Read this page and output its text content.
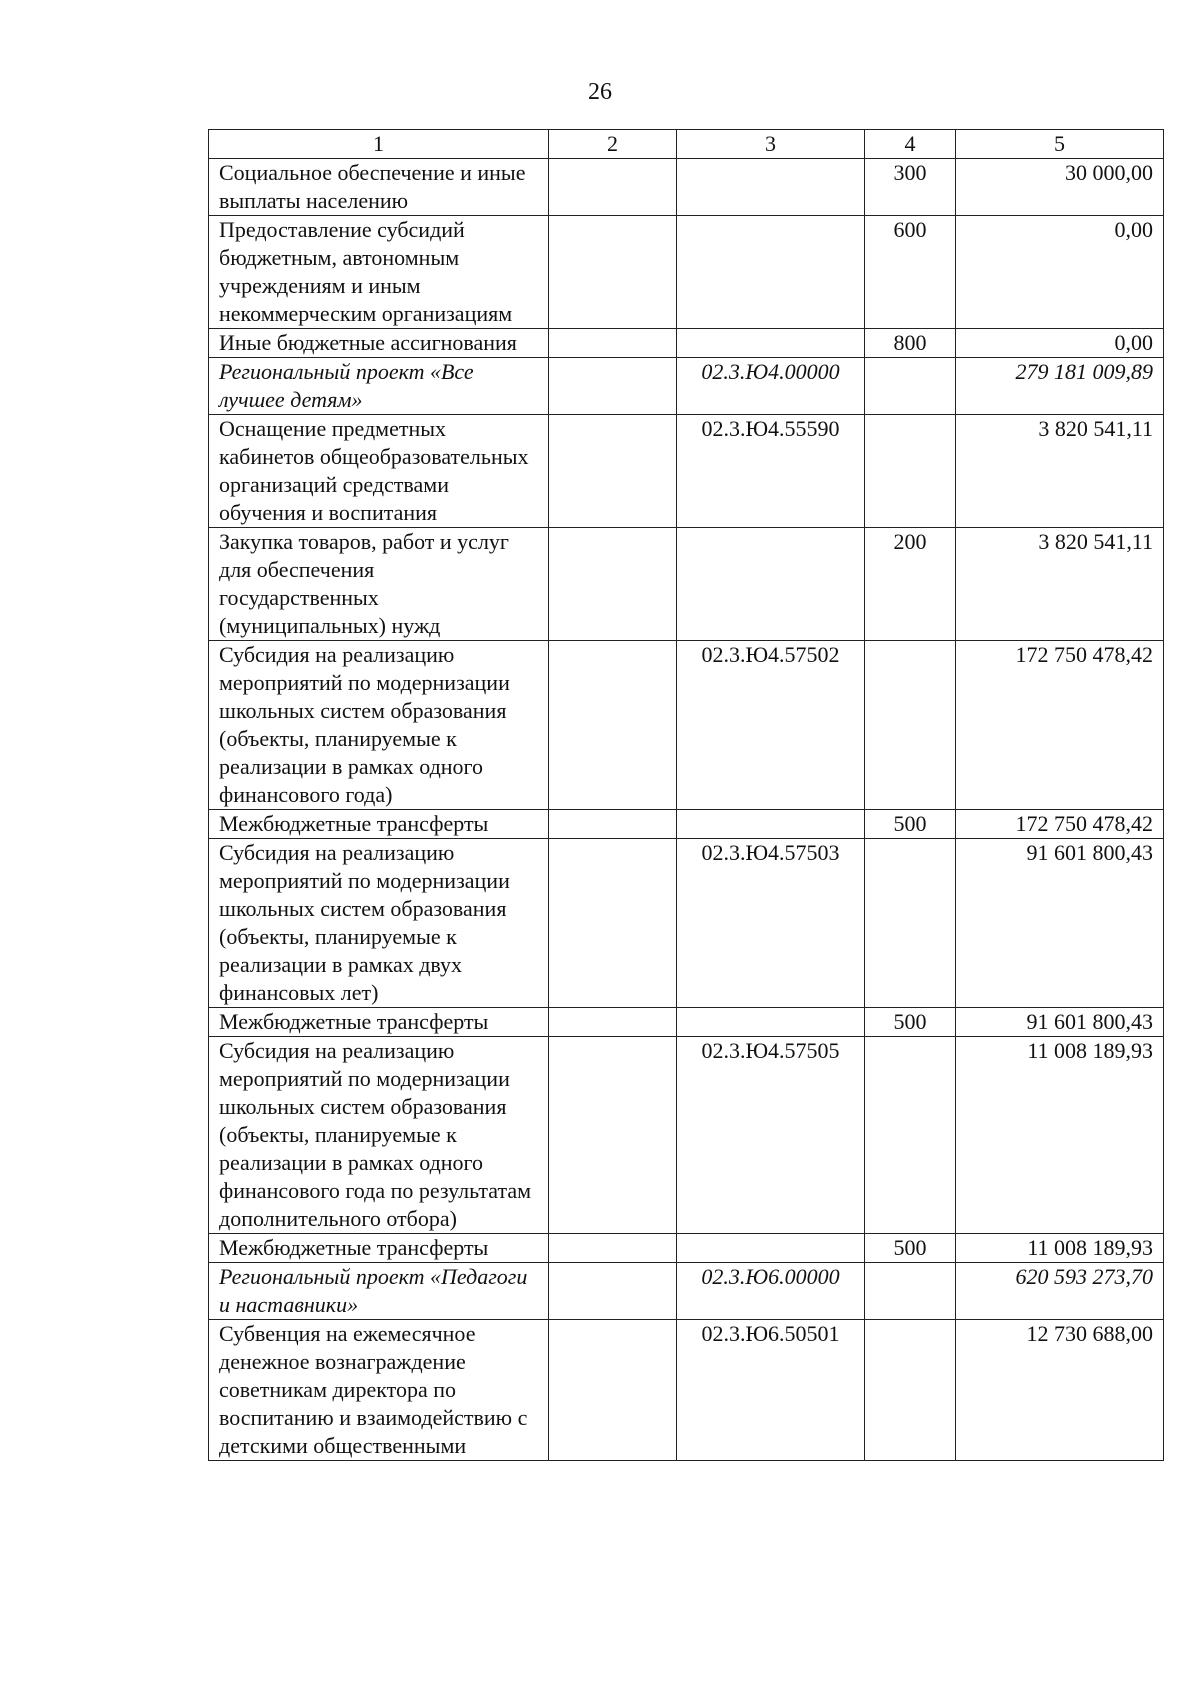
26
1	2	3	4	5
Социальное обеспечение и иные выплаты населению			300	30 000,00
Предоставление субсидий бюджетным, автономным учреждениям и иным некоммерческим организациям			600	0,00
Иные бюджетные ассигнования			800	0,00
Региональный проект «Все лучшее детям»		02.3.Ю4.00000		279 181 009,89
Оснащение предметных кабинетов общеобразовательных организаций средствами обучения и воспитания		02.3.Ю4.55590		3 820 541,11
Закупка товаров, работ и услуг для обеспечения государственных (муниципальных) нужд			200	3 820 541,11
Субсидия на реализацию мероприятий по модернизации школьных систем образования (объекты, планируемые к реализации в рамках одного финансового года)		02.3.Ю4.57502		172 750 478,42
Межбюджетные трансферты			500	172 750 478,42
Субсидия на реализацию мероприятий по модернизации школьных систем образования (объекты, планируемые к реализации в рамках двух финансовых лет)		02.3.Ю4.57503		91 601 800,43
Межбюджетные трансферты			500	91 601 800,43
Субсидия на реализацию мероприятий по модернизации школьных систем образования (объекты, планируемые к реализации в рамках одного финансового года по результатам дополнительного отбора)		02.3.Ю4.57505		11 008 189,93
Межбюджетные трансферты			500	11 008 189,93
Региональный проект «Педагоги и наставники»		02.3.Ю6.00000		620 593 273,70
Субвенция на ежемесячное денежное вознаграждение советникам директора по воспитанию и взаимодействию с детскими общественными		02.3.Ю6.50501		12 730 688,00
